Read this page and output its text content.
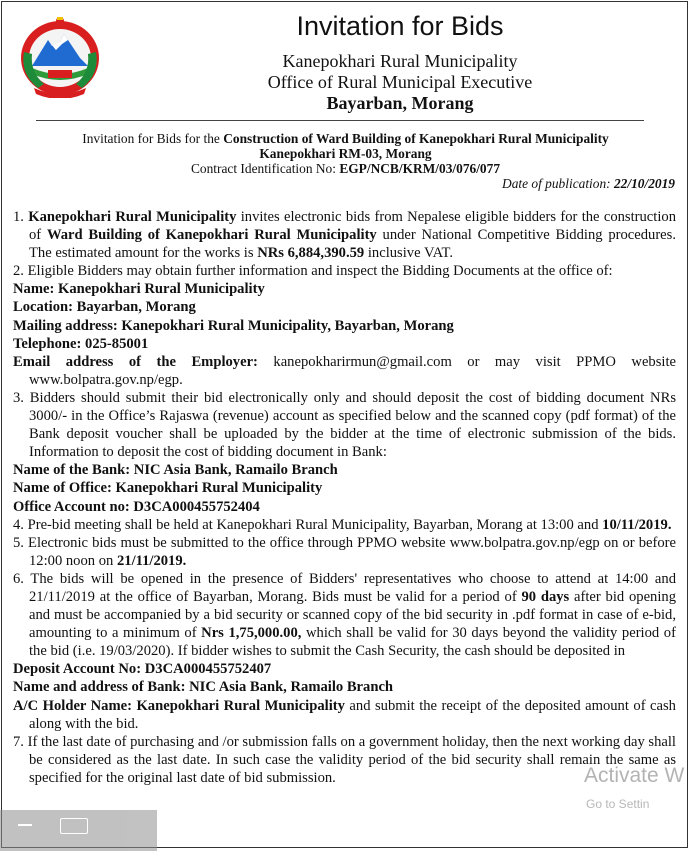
Invitation for Bids
Kanepokhari Rural Municipality
Office of Rural Municipal Executive
Bayarban, Morang
Invitation for Bids for the Construction of Ward Building of Kanepokhari Rural Municipality
Kanepokhari RM-03, Morang
Contract Identification No: EGP/NCB/KRM/03/076/077
Date of publication: 22/10/2019

1. Kanepokhari Rural Municipality invites electronic bids from Nepalese eligible bidders for the construction of Ward Building of Kanepokhari Rural Municipality under National Competitive Bidding procedures. The estimated amount for the works is NRs 6,884,390.59 inclusive VAT.

2. Eligible Bidders may obtain further information and inspect the Bidding Documents at the office of:

Name: Kanepokhari Rural Municipality

Location: Bayarban, Morang

Mailing address: Kanepokhari Rural Municipality, Bayarban, Morang

Telephone: 025-85001

Email address of the Employer: kanepokharirmun@gmail.com or may visit PPMO website www.bolpatra.gov.np/egp.

3. Bidders should submit their bid electronically only and should deposit the cost of bidding document NRs 3000/- in the Office’s Rajaswa (revenue) account as specified below and the scanned copy (pdf format) of the Bank deposit voucher shall be uploaded by the bidder at the time of electronic submission of the bids. Information to deposit the cost of bidding document in Bank:

Name of the Bank: NIC Asia Bank, Ramailo Branch

Name of Office: Kanepokhari Rural Municipality

Office Account no: D3CA000455752404

4. Pre-bid meeting shall be held at Kanepokhari Rural Municipality, Bayarban, Morang at 13:00 and 10/11/2019.

5. Electronic bids must be submitted to the office through PPMO website www.bolpatra.gov.np/egp on or before 12:00 noon on 21/11/2019.

6. The bids will be opened in the presence of Bidders' representatives who choose to attend at 14:00 and 21/11/2019 at the office of Bayarban, Morang. Bids must be valid for a period of 90 days after bid opening and must be accompanied by a bid security or scanned copy of the bid security in .pdf format in case of e-bid, amounting to a minimum of Nrs 1,75,000.00, which shall be valid for 30 days beyond the validity period of the bid (i.e. 19/03/2020). If bidder wishes to submit the Cash Security, the cash should be deposited in

Deposit Account No: D3CA000455752407

Name and address of Bank: NIC Asia Bank, Ramailo Branch

A/C Holder Name: Kanepokhari Rural Municipality and submit the receipt of the deposited amount of cash along with the bid.

7. If the last date of purchasing and /or submission falls on a government holiday, then the next working day shall be considered as the last date. In such case the validity period of the bid security shall remain the same as specified for the original last date of bid submission.	Activate W
Go to Settin
